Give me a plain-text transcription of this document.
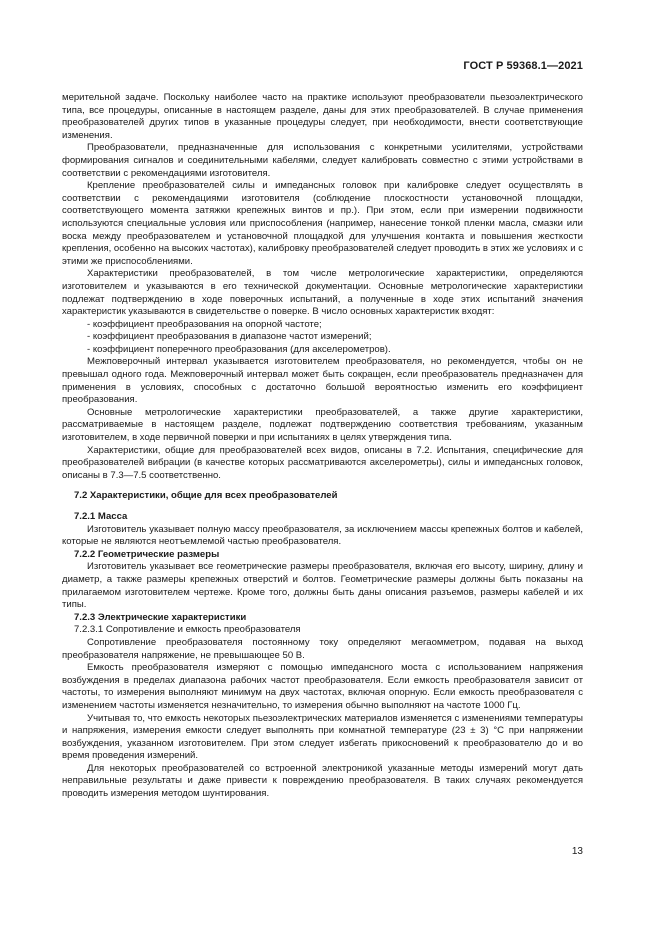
ГОСТ Р 59368.1—2021

мерительной задаче. Поскольку наиболее часто на практике используют преобразователи пьезоэлектрического типа, все процедуры, описанные в настоящем разделе, даны для этих преобразователей. В случае применения преобразователей других типов в указанные процедуры следует, при необходимости, внести соответствующие изменения.

Преобразователи, предназначенные для использования с конкретными усилителями, устройствами формирования сигналов и соединительными кабелями, следует калибровать совместно с этими устройствами в соответствии с рекомендациями изготовителя.

Крепление преобразователей силы и импедансных головок при калибровке следует осуществлять в соответствии с рекомендациями изготовителя (соблюдение плоскостности установочной площадки, соответствующего момента затяжки крепежных винтов и пр.). При этом, если при измерении подвижности используются специальные условия или приспособления (например, нанесение тонкой пленки масла, смазки или воска между преобразователем и установочной площадкой для улучшения контакта и повышения жесткости крепления, особенно на высоких частотах), калибровку преобразователей следует проводить в этих же условиях и с этими же приспособлениями.

Характеристики преобразователей, в том числе метрологические характеристики, определяются изготовителем и указываются в его технической документации. Основные метрологические характеристики подлежат подтверждению в ходе поверочных испытаний, а полученные в ходе этих испытаний значения характеристик указываются в свидетельстве о поверке. В число основных характеристик входят:

- коэффициент преобразования на опорной частоте;

- коэффициент преобразования в диапазоне частот измерений;

- коэффициент поперечного преобразования (для акселерометров).

Межповерочный интервал указывается изготовителем преобразователя, но рекомендуется, чтобы он не превышал одного года. Межповерочный интервал может быть сокращен, если преобразователь предназначен для применения в условиях, способных с достаточно большой вероятностью изменить его коэффициент преобразования.

Основные метрологические характеристики преобразователей, а также другие характеристики, рассматриваемые в настоящем разделе, подлежат подтверждению соответствия требованиям, указанным изготовителем, в ходе первичной поверки и при испытаниях в целях утверждения типа.

Характеристики, общие для преобразователей всех видов, описаны в 7.2. Испытания, специфические для преобразователей вибрации (в качестве которых рассматриваются акселерометры), силы и импедансных головок, описаны в 7.3—7.5 соответственно.

7.2 Характеристики, общие для всех преобразователей

7.2.1 Масса

Изготовитель указывает полную массу преобразователя, за исключением массы крепежных болтов и кабелей, которые не являются неотъемлемой частью преобразователя.

7.2.2 Геометрические размеры

Изготовитель указывает все геометрические размеры преобразователя, включая его высоту, ширину, длину и диаметр, а также размеры крепежных отверстий и болтов. Геометрические размеры должны быть показаны на прилагаемом изготовителем чертеже. Кроме того, должны быть даны описания разъемов, размеры кабелей и их типы.

7.2.3 Электрические характеристики

7.2.3.1 Сопротивление и емкость преобразователя

Сопротивление преобразователя постоянному току определяют мегаомметром, подавая на выход преобразователя напряжение, не превышающее 50 В.

Емкость преобразователя измеряют с помощью импедансного моста с использованием напряжения возбуждения в пределах диапазона рабочих частот преобразователя. Если емкость преобразователя зависит от частоты, то измерения выполняют минимум на двух частотах, включая опорную. Если емкость преобразователя с изменением частоты изменяется незначительно, то измерения обычно выполняют на частоте 1000 Гц.

Учитывая то, что емкость некоторых пьезоэлектрических материалов изменяется с изменениями температуры и напряжения, измерения емкости следует выполнять при комнатной температуре (23 ± 3) °С при напряжении возбуждения, указанном изготовителем. При этом следует избегать прикосновений к преобразователю до и во время проведения измерений.

Для некоторых преобразователей со встроенной электроникой указанные методы измерений могут дать неправильные результаты и даже привести к повреждению преобразователя. В таких случаях рекомендуется проводить измерения методом шунтирования.

13
